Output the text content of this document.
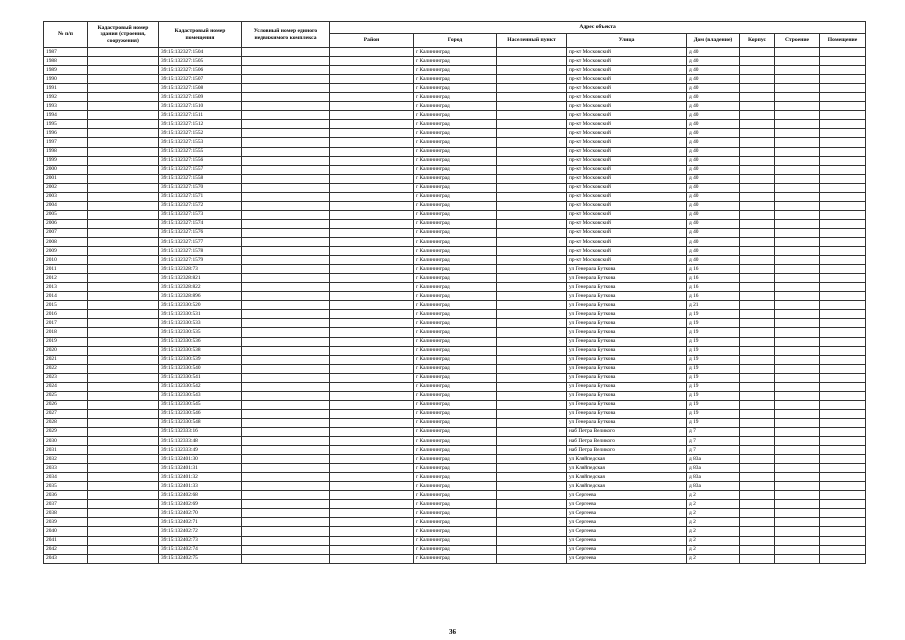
№ п/п	Кадастровый номер здания (строения, сооружения)	Кадастровый номер помещения	Условный номер единого недвижимого комплекса	Адрес объекта							
				Район	Город	Населенный пункт	Улица	Дом (владение)	Корпус	Строение	Помещение
1987		39:15:132327:1504			г Калининград		пр-кт Московский	д 40			
1988		39:15:132327:1505			г Калининград		пр-кт Московский	д 40			
1989		39:15:132327:1506			г Калининград		пр-кт Московский	д 40			
1990		39:15:132327:1507			г Калининград		пр-кт Московский	д 40			
1991		39:15:132327:1508			г Калининград		пр-кт Московский	д 40			
1992		39:15:132327:1509			г Калининград		пр-кт Московский	д 40			
1993		39:15:132327:1510			г Калининград		пр-кт Московский	д 40			
1994		39:15:132327:1511			г Калининград		пр-кт Московский	д 40			
1995		39:15:132327:1512			г Калининград		пр-кт Московский	д 40			
1996		39:15:132327:1552			г Калининград		пр-кт Московский	д 40			
1997		39:15:132327:1553			г Калининград		пр-кт Московский	д 40			
1998		39:15:132327:1555			г Калининград		пр-кт Московский	д 40			
1999		39:15:132327:1556			г Калининград		пр-кт Московский	д 40			
2000		39:15:132327:1557			г Калининград		пр-кт Московский	д 40			
2001		39:15:132327:1558			г Калининград		пр-кт Московский	д 40			
2002		39:15:132327:1570			г Калининград		пр-кт Московский	д 40			
2003		39:15:132327:1571			г Калининград		пр-кт Московский	д 40			
2004		39:15:132327:1572			г Калининград		пр-кт Московский	д 40			
2005		39:15:132327:1573			г Калининград		пр-кт Московский	д 40			
2006		39:15:132327:1574			г Калининград		пр-кт Московский	д 40			
2007		39:15:132327:1576			г Калининград		пр-кт Московский	д 40			
2008		39:15:132327:1577			г Калининград		пр-кт Московский	д 40			
2009		39:15:132327:1578			г Калининград		пр-кт Московский	д 40			
2010		39:15:132327:1579			г Калининград		пр-кт Московский	д 40			
2011		39:15:132328:73			г Калининград		ул Генерала Буткова	д 16			
2012		39:15:132328:821			г Калининград		ул Генерала Буткова	д 16			
2013		39:15:132328:822			г Калининград		ул Генерала Буткова	д 16			
2014		39:15:132328:896			г Калининград		ул Генерала Буткова	д 16			
2015		39:15:132330:520			г Калининград		ул Генерала Буткова	д 21			
2016		39:15:132330:531			г Калининград		ул Генерала Буткова	д 19			
2017		39:15:132330:533			г Калининград		ул Генерала Буткова	д 19			
2018		39:15:132330:535			г Калининград		ул Генерала Буткова	д 19			
2019		39:15:132330:536			г Калининград		ул Генерала Буткова	д 19			
2020		39:15:132330:538			г Калининград		ул Генерала Буткова	д 19			
2021		39:15:132330:539			г Калининград		ул Генерала Буткова	д 19			
2022		39:15:132330:540			г Калининград		ул Генерала Буткова	д 19			
2023		39:15:132330:541			г Калининград		ул Генерала Буткова	д 19			
2024		39:15:132330:542			г Калининград		ул Генерала Буткова	д 19			
2025		39:15:132330:543			г Калининград		ул Генерала Буткова	д 19			
2026		39:15:132330:545			г Калининград		ул Генерала Буткова	д 19			
2027		39:15:132330:546			г Калининград		ул Генерала Буткова	д 19			
2028		39:15:132330:548			г Калининград		ул Генерала Буткова	д 19			
2029		39:15:132333:16			г Калининград		наб Петра Великого	д 7			
2030		39:15:132333:48			г Калининград		наб Петра Великого	д 7			
2031		39:15:132333:49			г Калининград		наб Петра Великого	д 7			
2032		39:15:132401:30			г Калининград		ул Кляйпедская	д 83а			
2033		39:15:132401:31			г Калининград		ул Кляйпедская	д 83а			
2034		39:15:132401:32			г Калининград		ул Кляйпедская	д 83а			
2035		39:15:132401:33			г Калининград		ул Кляйпедская	д 83а			
2036		39:15:132402:68			г Калининград		ул Сергеева	д 2			
2037		39:15:132402:69			г Калининград		ул Сергеева	д 2			
2038		39:15:132402:70			г Калининград		ул Сергеева	д 2			
2039		39:15:132402:71			г Калининград		ул Сергеева	д 2			
2040		39:15:132402:72			г Калининград		ул Сергеева	д 2			
2041		39:15:132402:73			г Калининград		ул Сергеева	д 2			
2042		39:15:132402:74			г Калининград		ул Сергеева	д 2			
2043		39:15:132402:75			г Калининград		ул Сергеева	д 2			
36
